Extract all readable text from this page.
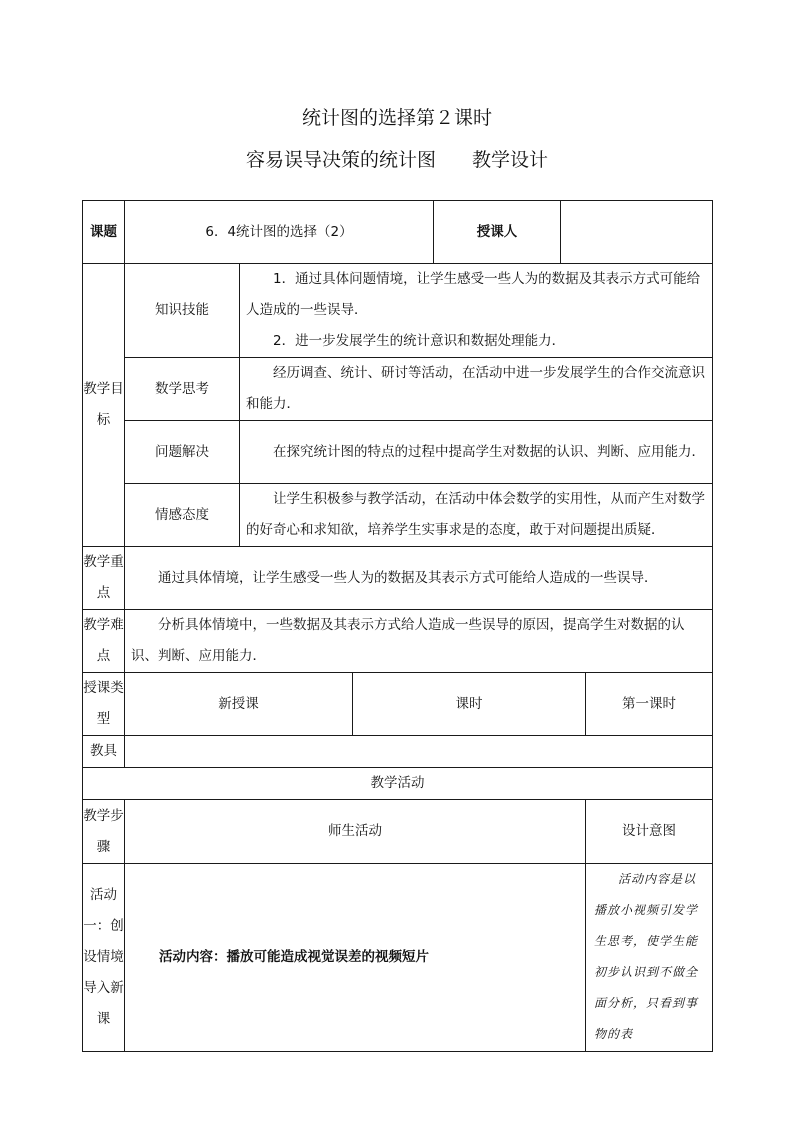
统计图的选择第２课时
容易误导决策的统计图 教学设计
课题	6．4统计图的选择（2）			授课人		
教学目标	知识技能	1．通过具体问题情境，让学生感受一些人为的数据及其表示方式可能给人造成的一些误导．
2．进一步发展学生的统计意识和数据处理能力．				

	数学思考	经历调查、统计、研讨等活动，在活动中进一步发展学生的合作交流意识和能力．				
	问题解决	在探究统计图的特点的过程中提高学生对数据的认识、判断、应用能力．				
	情感态度	让学生积极参与教学活动，在活动中体会数学的实用性，从而产生对数学的好奇心和求知欲，培养学生实事求是的态度，敢于对问题提出质疑．				
教学重点	通过具体情境，让学生感受一些人为的数据及其表示方式可能给人造成的一些误导．					
教学难点	分析具体情境中，一些数据及其表示方式给人造成一些误导的原因，提高学生对数据的认识、判断、应用能力．					
授课类型	新授课		课时			第一课时
教具						
教学活动						
教学步骤	师生活动					设计意图
活动一：创设情境导入新课	活动内容：播放可能造成视觉误差的视频短片					活动内容是以播放小视频引发学生思考，使学生能初步认识到不做全面分析，只看到事物的表
